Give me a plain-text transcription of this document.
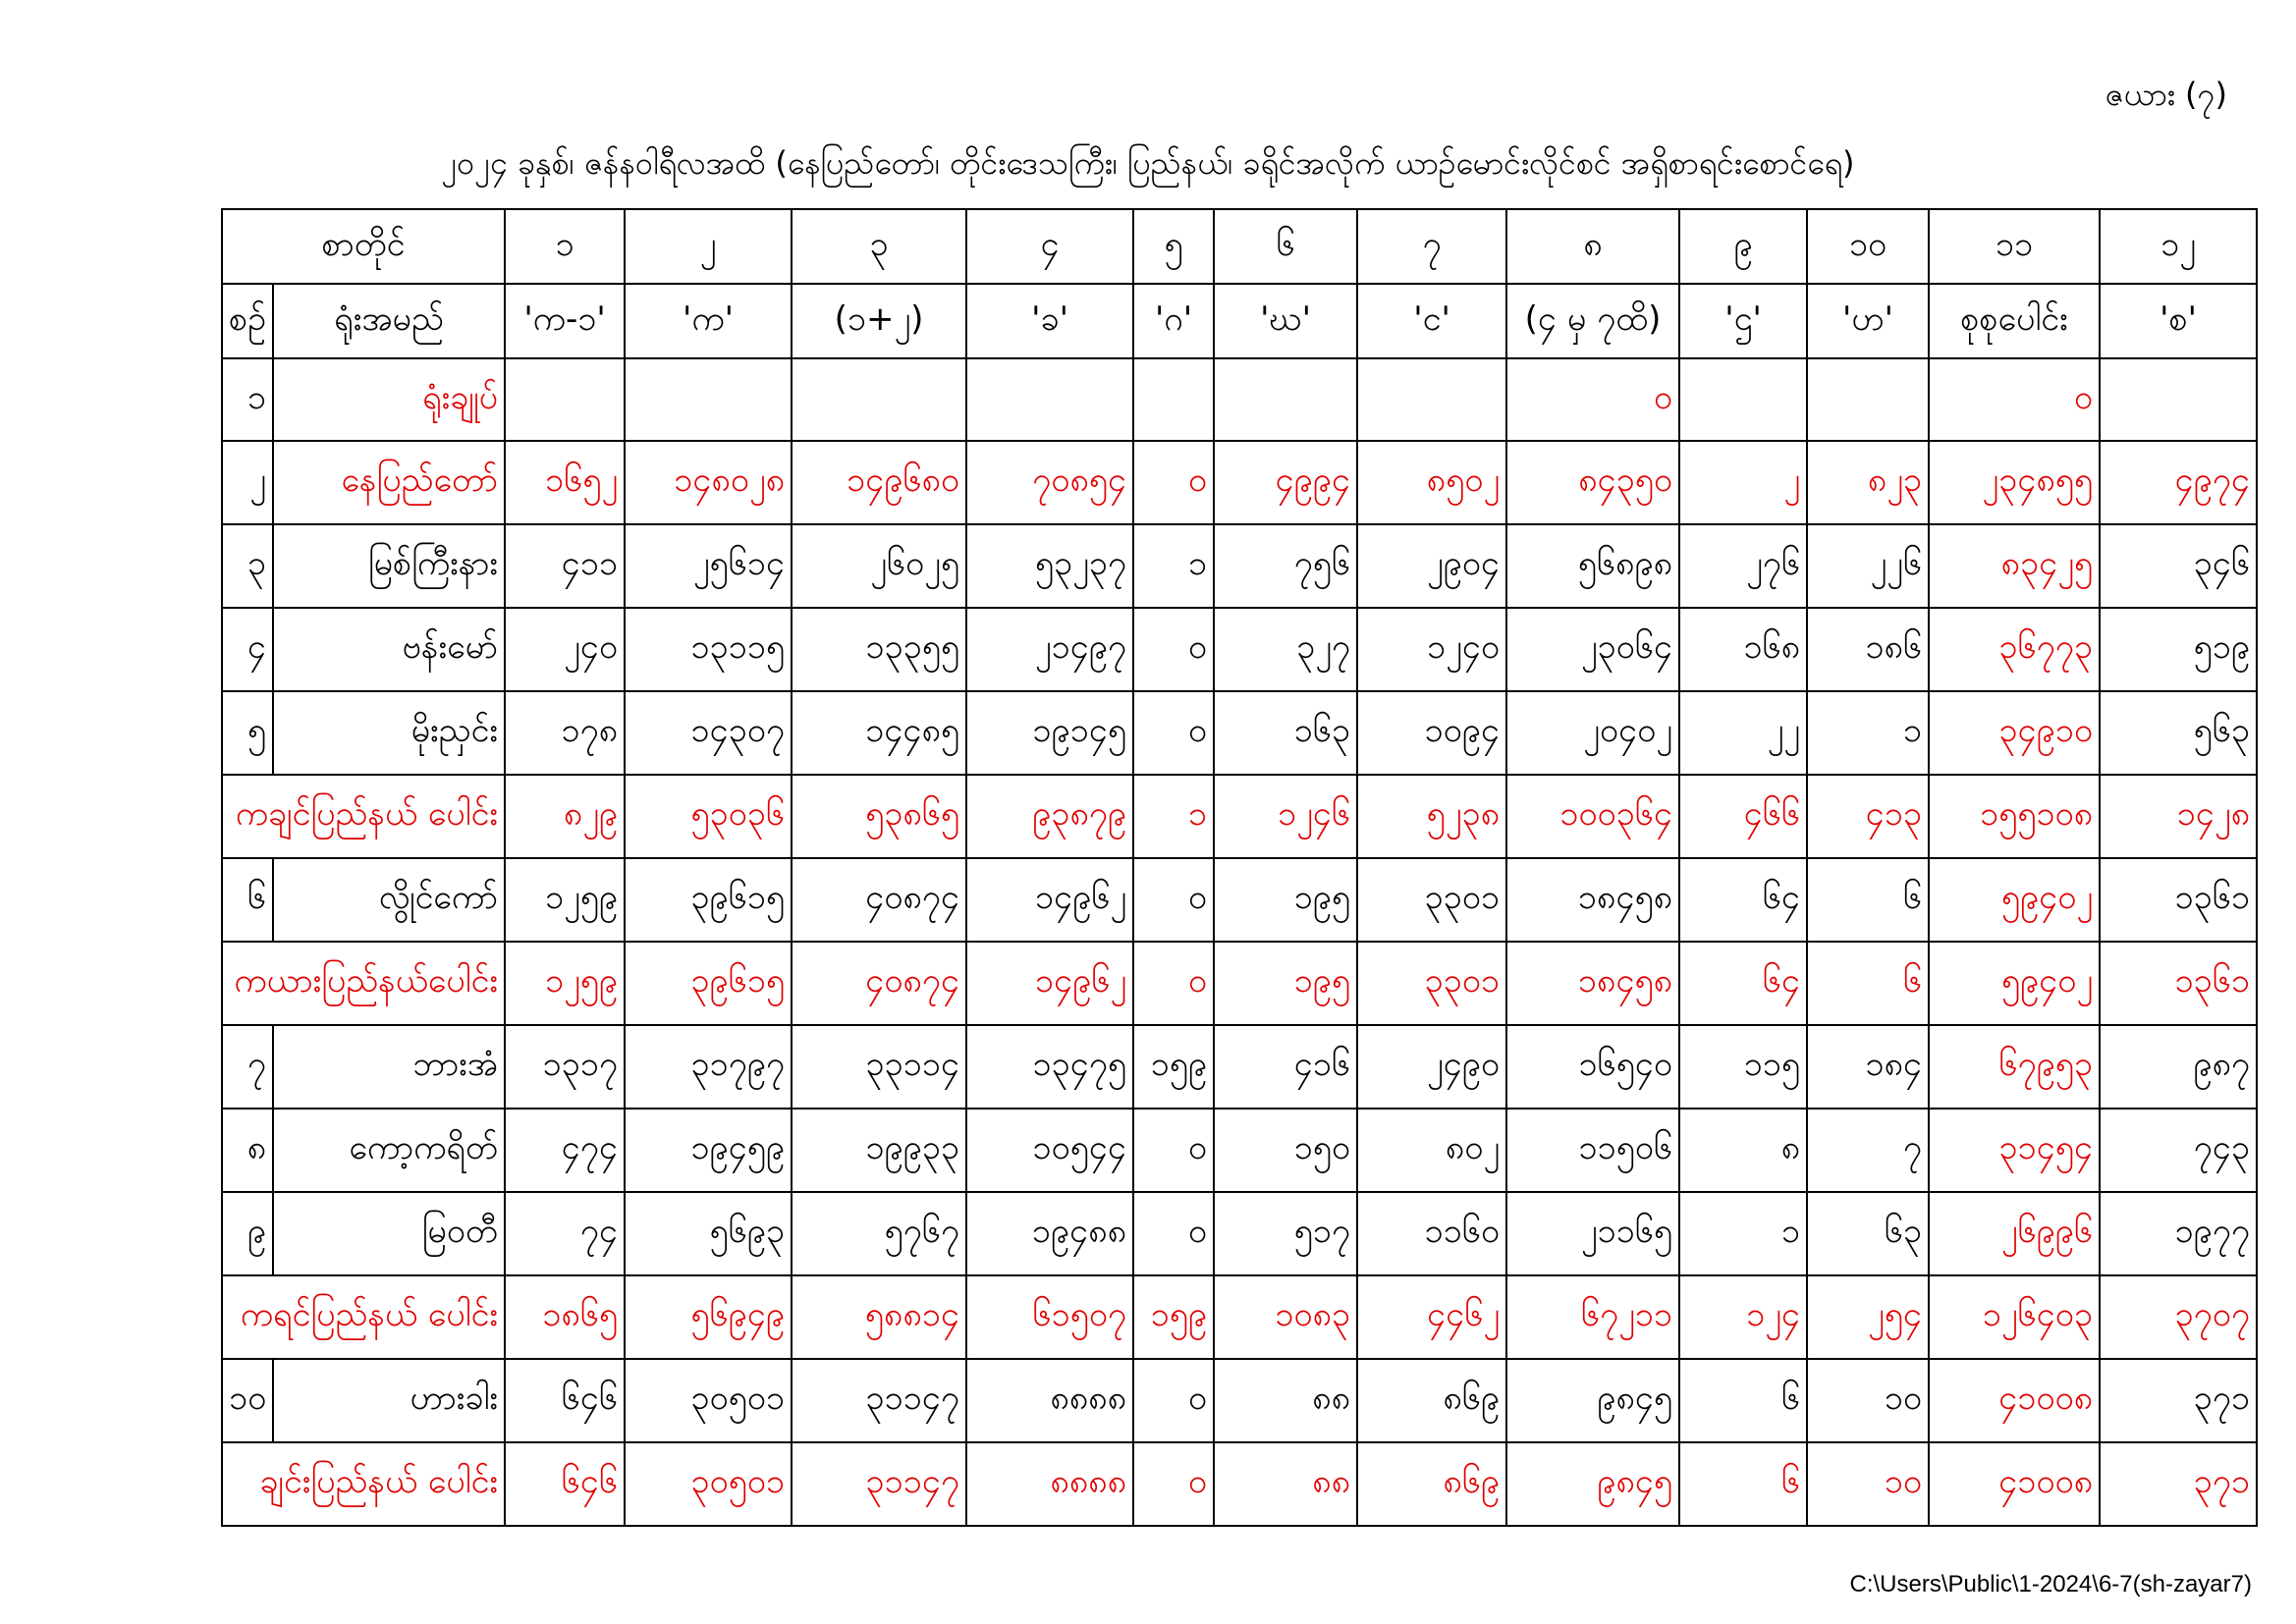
ဇယား (၇)
၂၀၂၄ ခုနှစ်၊ ဇန်နဝါရီလအထိ (နေပြည်တော်၊ တိုင်းဒေသကြီး၊ ပြည်နယ်၊ ခရိုင်အလိုက် ယာဉ်မောင်းလိုင်စင် အရှိစာရင်းစောင်ရေ)
စာတိုင်		၁	၂	၃	၄	၅	၆	၇	၈	၉	၁၀	၁၁	၁၂
စဉ်	ရုံးအမည်	'က-၁'	'က'	(၁+၂)	'ခ'	'ဂ'	'ဃ'	'င'	(၄ မှ ၇ထိ)	'ဌ'	'ဟ'	စုစုပေါင်း	'စ'
၁	ရုံးချုပ်								၀			၀	
၂	နေပြည်တော်	၁၆၅၂	၁၄၈၀၂၈	၁၄၉၆၈၀	၇၀၈၅၄	၀	၄၉၉၄	၈၅၀၂	၈၄၃၅၀	၂	၈၂၃	၂၃၄၈၅၅	၄၉၇၄
၃	မြစ်ကြီးနား	၄၁၁	၂၅၆၁၄	၂၆၀၂၅	၅၃၂၃၇	၁	၇၅၆	၂၉၀၄	၅၆၈၉၈	၂၇၆	၂၂၆	၈၃၄၂၅	၃၄၆
၄	ဗန်းမော်	၂၄၀	၁၃၁၁၅	၁၃၃၅၅	၂၁၄၉၇	၀	၃၂၇	၁၂၄၀	၂၃၀၆၄	၁၆၈	၁၈၆	၃၆၇၇၃	၅၁၉
၅	မိုးညှင်း	၁၇၈	၁၄၃၀၇	၁၄၄၈၅	၁၉၁၄၅	၀	၁၆၃	၁၀၉၄	၂၀၄၀၂	၂၂	၁	၃၄၉၁၀	၅၆၃
ကချင်ပြည်နယ် ပေါင်း		၈၂၉	၅၃၀၃၆	၅၃၈၆၅	၉၃၈၇၉	၁	၁၂၄၆	၅၂၃၈	၁၀၀၃၆၄	၄၆၆	၄၁၃	၁၅၅၁၀၈	၁၄၂၈
၆	လွိုင်ကော်	၁၂၅၉	၃၉၆၁၅	၄၀၈၇၄	၁၄၉၆၂	၀	၁၉၅	၃၃၀၁	၁၈၄၅၈	၆၄	၆	၅၉၄၀၂	၁၃၆၁
ကယားပြည်နယ်ပေါင်း		၁၂၅၉	၃၉၆၁၅	၄၀၈၇၄	၁၄၉၆၂	၀	၁၉၅	၃၃၀၁	၁၈၄၅၈	၆၄	၆	၅၉၄၀၂	၁၃၆၁
၇	ဘားအံ	၁၃၁၇	၃၁၇၉၇	၃၃၁၁၄	၁၃၄၇၅	၁၅၉	၄၁၆	၂၄၉၀	၁၆၅၄၀	၁၁၅	၁၈၄	၆၇၉၅၃	၉၈၇
၈	ကော့ကရိတ်	၄၇၄	၁၉၄၅၉	၁၉၉၃၃	၁၀၅၄၄	၀	၁၅၀	၈၀၂	၁၁၅၀၆	၈	၇	၃၁၄၅၄	၇၄၃
၉	မြဝတီ	၇၄	၅၆၉၃	၅၇၆၇	၁၉၄၈၈	၀	၅၁၇	၁၁၆၀	၂၁၁၆၅	၁	၆၃	၂၆၉၉၆	၁၉၇၇
ကရင်ပြည်နယ် ပေါင်း		၁၈၆၅	၅၆၉၄၉	၅၈၈၁၄	၆၁၅၀၇	၁၅၉	၁၀၈၃	၄၄၆၂	၆၇၂၁၁	၁၂၄	၂၅၄	၁၂၆၄၀၃	၃၇၀၇
၁၀	ဟားခါး	၆၄၆	၃၀၅၀၁	၃၁၁၄၇	၈၈၈၈	၀	၈၈	၈၆၉	၉၈၄၅	၆	၁၀	၄၁၀၀၈	၃၇၁
ချင်းပြည်နယ် ပေါင်း		၆၄၆	၃၀၅၀၁	၃၁၁၄၇	၈၈၈၈	၀	၈၈	၈၆၉	၉၈၄၅	၆	၁၀	၄၁၀၀၈	၃၇၁
C:\Users\Public\1-2024\6-7(sh-zayar7)
